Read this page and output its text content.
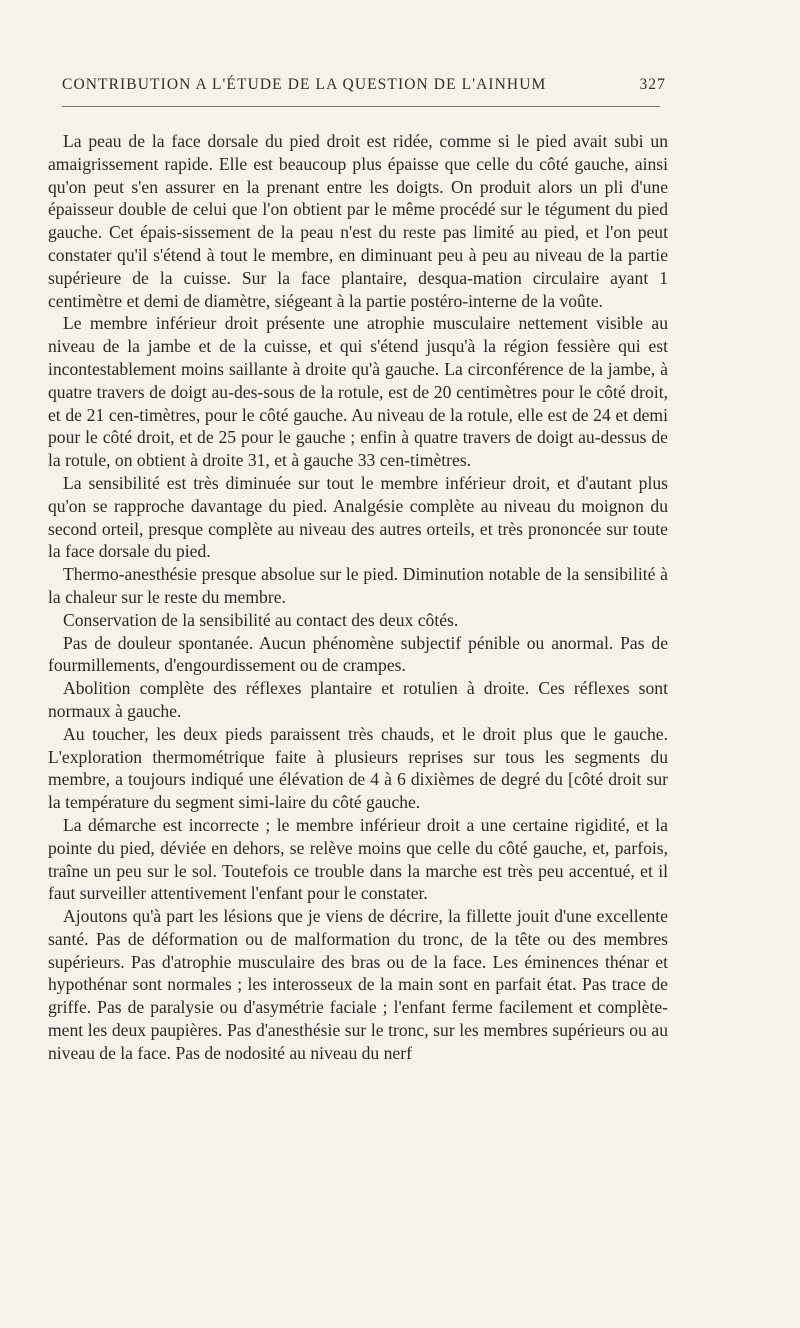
CONTRIBUTION A L'ÉTUDE DE LA QUESTION DE L'AINHUM	327

La peau de la face dorsale du pied droit est ridée, comme si le pied avait subi un amaigrissement rapide. Elle est beaucoup plus épaisse que celle du côté gauche, ainsi qu'on peut s'en assurer en la prenant entre les doigts. On produit alors un pli d'une épaisseur double de celui que l'on obtient par le même procédé sur le tégument du pied gauche. Cet épais-sissement de la peau n'est du reste pas limité au pied, et l'on peut constater qu'il s'étend à tout le membre, en diminuant peu à peu au niveau de la partie supérieure de la cuisse. Sur la face plantaire, desqua-mation circulaire ayant 1 centimètre et demi de diamètre, siégeant à la partie postéro-interne de la voûte.

Le membre inférieur droit présente une atrophie musculaire nettement visible au niveau de la jambe et de la cuisse, et qui s'étend jusqu'à la région fessière qui est incontestablement moins saillante à droite qu'à gauche. La circonférence de la jambe, à quatre travers de doigt au-des-sous de la rotule, est de 20 centimètres pour le côté droit, et de 21 cen-timètres, pour le côté gauche. Au niveau de la rotule, elle est de 24 et demi pour le côté droit, et de 25 pour le gauche ; enfin à quatre travers de doigt au-dessus de la rotule, on obtient à droite 31, et à gauche 33 cen-timètres.

La sensibilité est très diminuée sur tout le membre inférieur droit, et d'autant plus qu'on se rapproche davantage du pied. Analgésie complète au niveau du moignon du second orteil, presque complète au niveau des autres orteils, et très prononcée sur toute la face dorsale du pied.

Thermo-anesthésie presque absolue sur le pied. Diminution notable de la sensibilité à la chaleur sur le reste du membre.

Conservation de la sensibilité au contact des deux côtés.

Pas de douleur spontanée. Aucun phénomène subjectif pénible ou anormal. Pas de fourmillements, d'engourdissement ou de crampes.

Abolition complète des réflexes plantaire et rotulien à droite. Ces réflexes sont normaux à gauche.

Au toucher, les deux pieds paraissent très chauds, et le droit plus que le gauche. L'exploration thermométrique faite à plusieurs reprises sur tous les segments du membre, a toujours indiqué une élévation de 4 à 6 dixièmes de degré du [côté droit sur la température du segment simi-laire du côté gauche.

La démarche est incorrecte ; le membre inférieur droit a une certaine rigidité, et la pointe du pied, déviée en dehors, se relève moins que celle du côté gauche, et, parfois, traîne un peu sur le sol. Toutefois ce trouble dans la marche est très peu accentué, et il faut surveiller attentivement l'enfant pour le constater.

Ajoutons qu'à part les lésions que je viens de décrire, la fillette jouit d'une excellente santé. Pas de déformation ou de malformation du tronc, de la tête ou des membres supérieurs. Pas d'atrophie musculaire des bras ou de la face. Les éminences thénar et hypothénar sont normales ; les interosseux de la main sont en parfait état. Pas trace de griffe. Pas de paralysie ou d'asymétrie faciale ; l'enfant ferme facilement et complète-ment les deux paupières. Pas d'anesthésie sur le tronc, sur les membres supérieurs ou au niveau de la face. Pas de nodosité au niveau du nerf
